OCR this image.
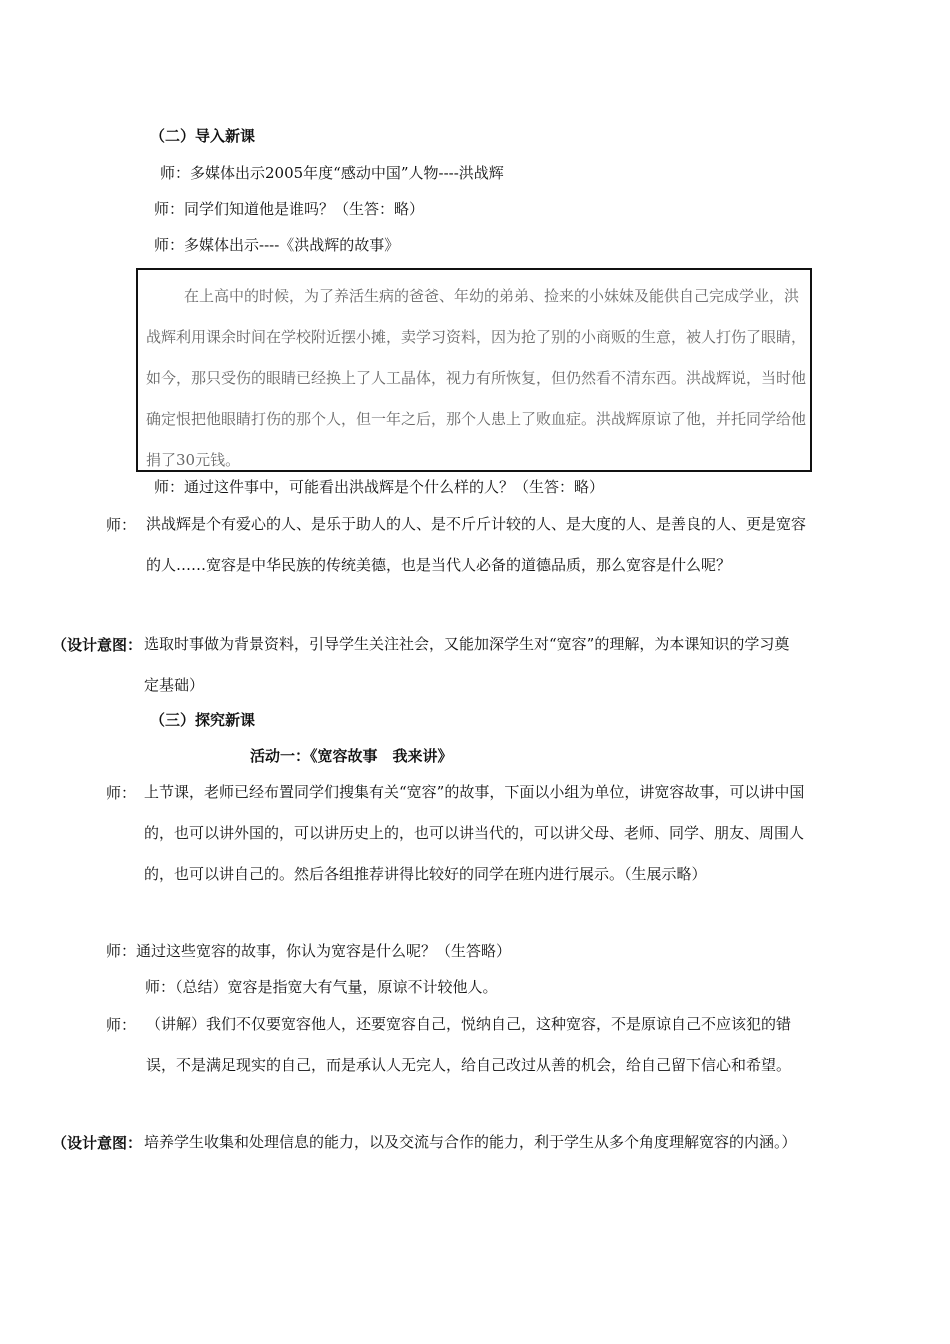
（二）导入新课
师：多媒体出示2005年度“感动中国”人物----洪战辉
师：同学们知道他是谁吗？（生答：略）
师：多媒体出示----《洪战辉的故事》
在上高中的时候，为了养活生病的爸爸、年幼的弟弟、捡来的小妹妹及能供自己完成学业，洪战辉利用课余时间在学校附近摆小摊，卖学习资料，因为抢了别的小商贩的生意，被人打伤了眼睛，如今，那只受伤的眼睛已经换上了人工晶体，视力有所恢复，但仍然看不清东西。洪战辉说，当时他确定恨把他眼睛打伤的那个人，但一年之后，那个人患上了败血症。洪战辉原谅了他，并托同学给他捐了30元钱。
师：通过这件事中，可能看出洪战辉是个什么样的人？（生答：略）
师： 洪战辉是个有爱心的人、是乐于助人的人、是不斤斤计较的人、是大度的人、是善良的人、更是宽容的人……宽容是中华民族的传统美德，也是当代人必备的道德品质，那么宽容是什么呢？
（设计意图： 选取时事做为背景资料，引导学生关注社会，又能加深学生对“宽容”的理解，为本课知识的学习奠定基础）
（三）探究新课
活动一：《宽容故事　我来讲》
师： 上节课，老师已经布置同学们搜集有关“宽容”的故事，下面以小组为单位，讲宽容故事，可以讲中国的，也可以讲外国的，可以讲历史上的，也可以讲当代的，可以讲父母、老师、同学、朋友、周围人的，也可以讲自己的。然后各组推荐讲得比较好的同学在班内进行展示。（生展示略）
师：通过这些宽容的故事，你认为宽容是什么呢？（生答略）
师：（总结）宽容是指宽大有气量，原谅不计较他人。
师： （讲解）我们不仅要宽容他人，还要宽容自己，悦纳自己，这种宽容，不是原谅自己不应该犯的错误，不是满足现实的自己，而是承认人无完人，给自己改过从善的机会，给自己留下信心和希望。
（设计意图： 培养学生收集和处理信息的能力，以及交流与合作的能力，利于学生从多个角度理解宽容的内涵。）
